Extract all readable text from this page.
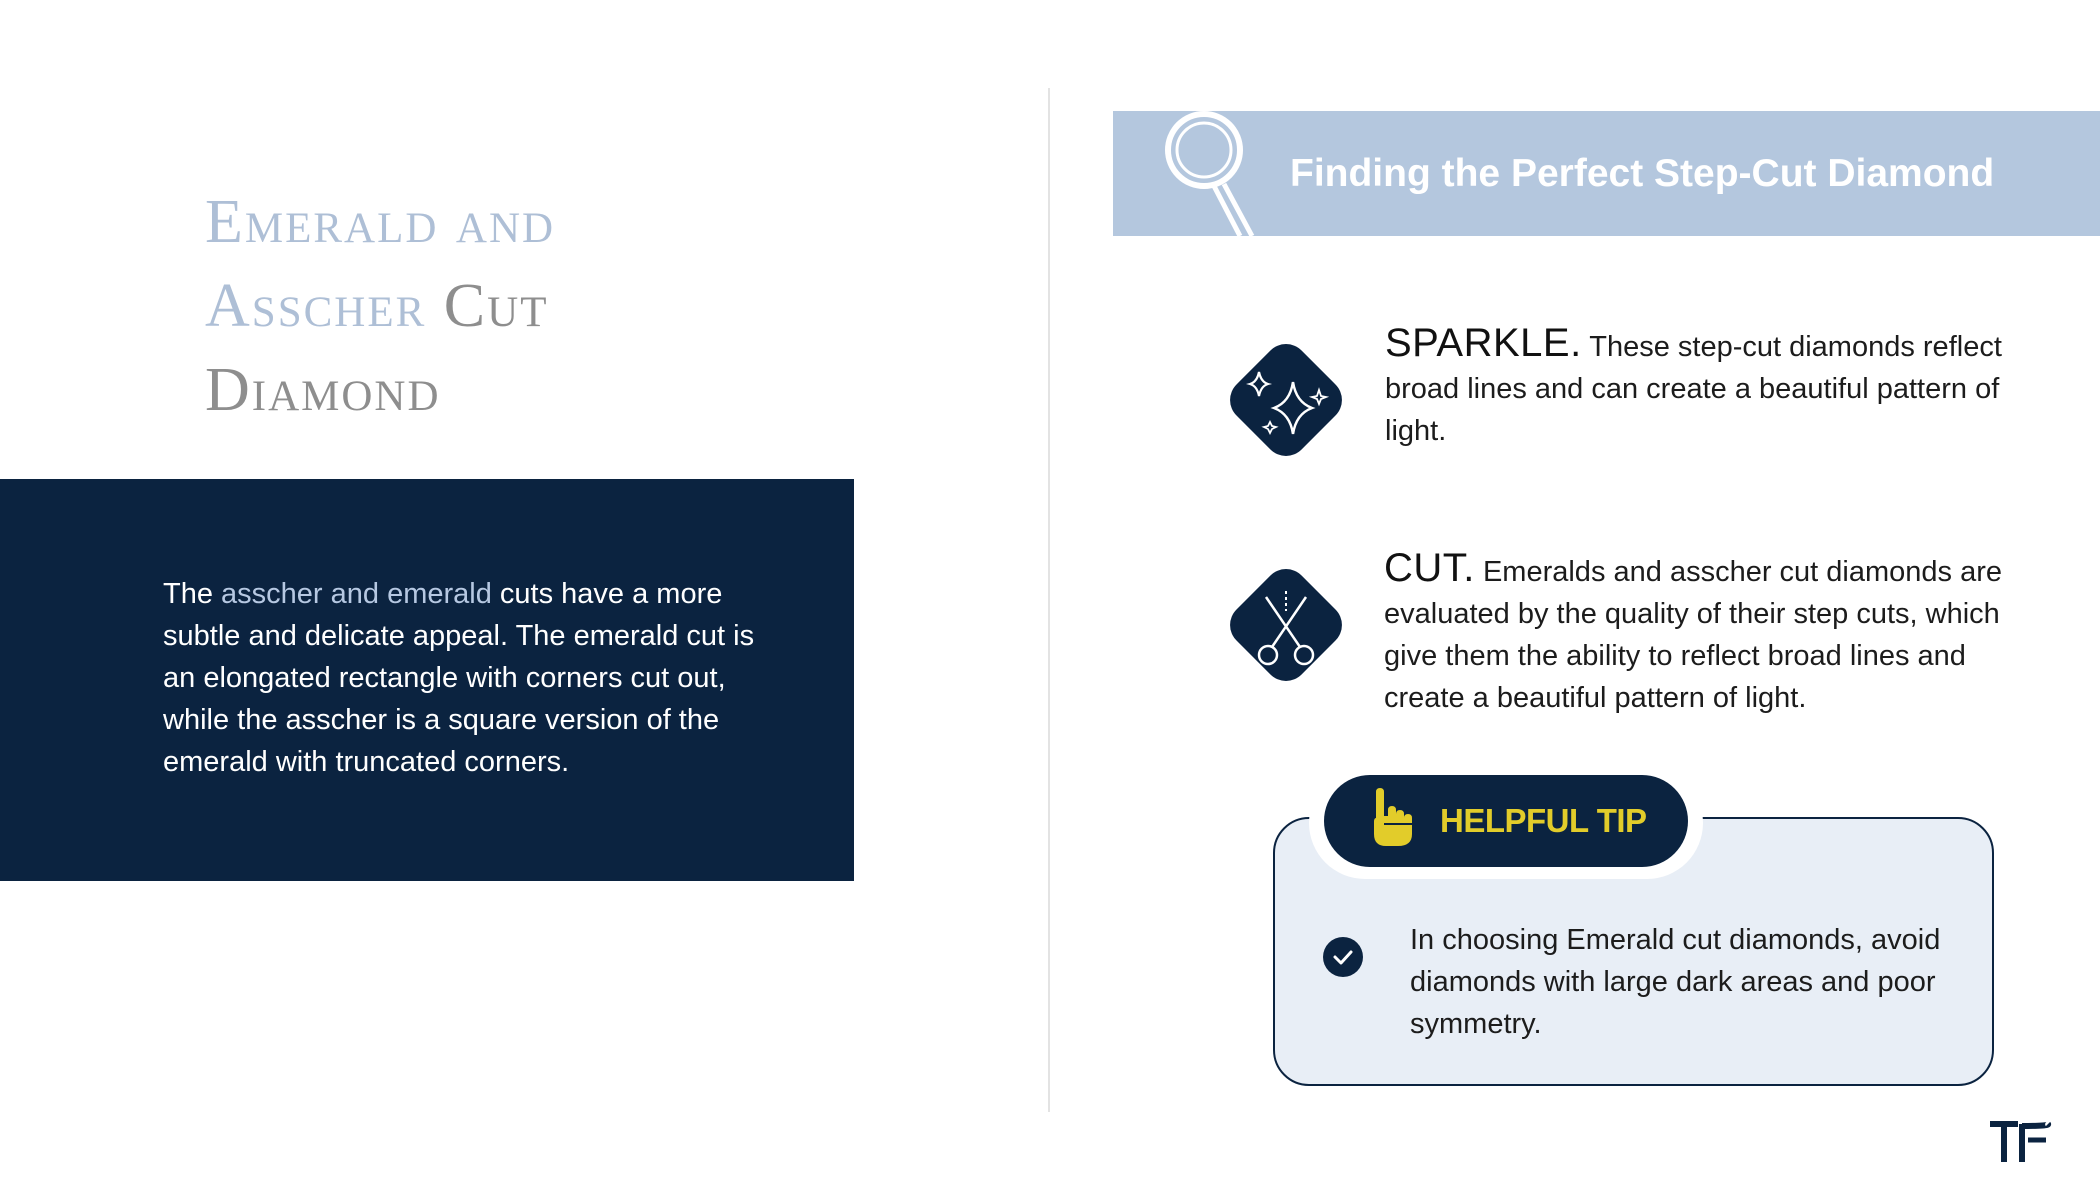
Emerald and
Asscher Cut
Diamond
The asscher and emerald cuts have a more subtle and delicate appeal. The emerald cut is an elongated rectangle with corners cut out, while the asscher is a square version of the emerald with truncated corners.
Finding the Perfect Step-Cut Diamond
SPARKLE. These step-cut diamonds reflect broad lines and can create a beautiful pattern of light.
CUT. Emeralds and asscher cut diamonds are evaluated by the quality of their step cuts, which give them the ability to reflect broad lines and create a beautiful pattern of light.
HELPFUL TIP
In choosing Emerald cut diamonds, avoid diamonds with large dark areas and poor symmetry.
